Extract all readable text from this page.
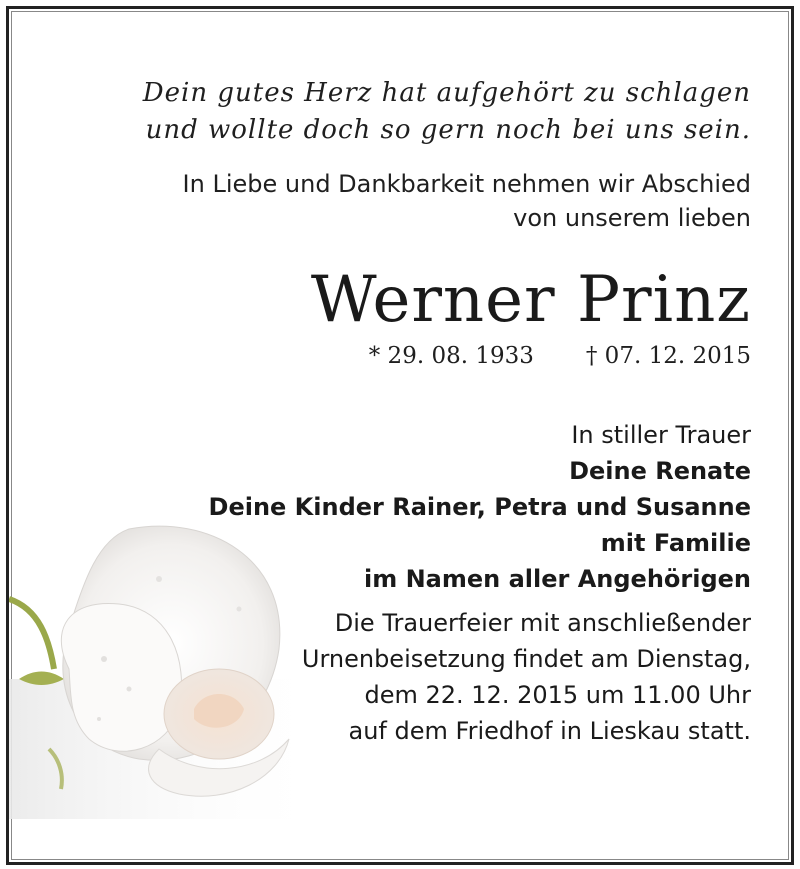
Dein gutes Herz hat aufgehört zu schlagen
und wollte doch so gern noch bei uns sein.
In Liebe und Dankbarkeit nehmen wir Abschied
von unserem lieben
Werner Prinz
* 29. 08. 1933 † 07. 12. 2015
In stiller Trauer
Deine Renate
Deine Kinder Rainer, Petra und Susanne
mit Familie
im Namen aller Angehörigen
Die Trauerfeier mit anschließender
Urnenbeisetzung findet am Dienstag,
dem 22. 12. 2015 um 11.00 Uhr
auf dem Friedhof in Lieskau statt.
